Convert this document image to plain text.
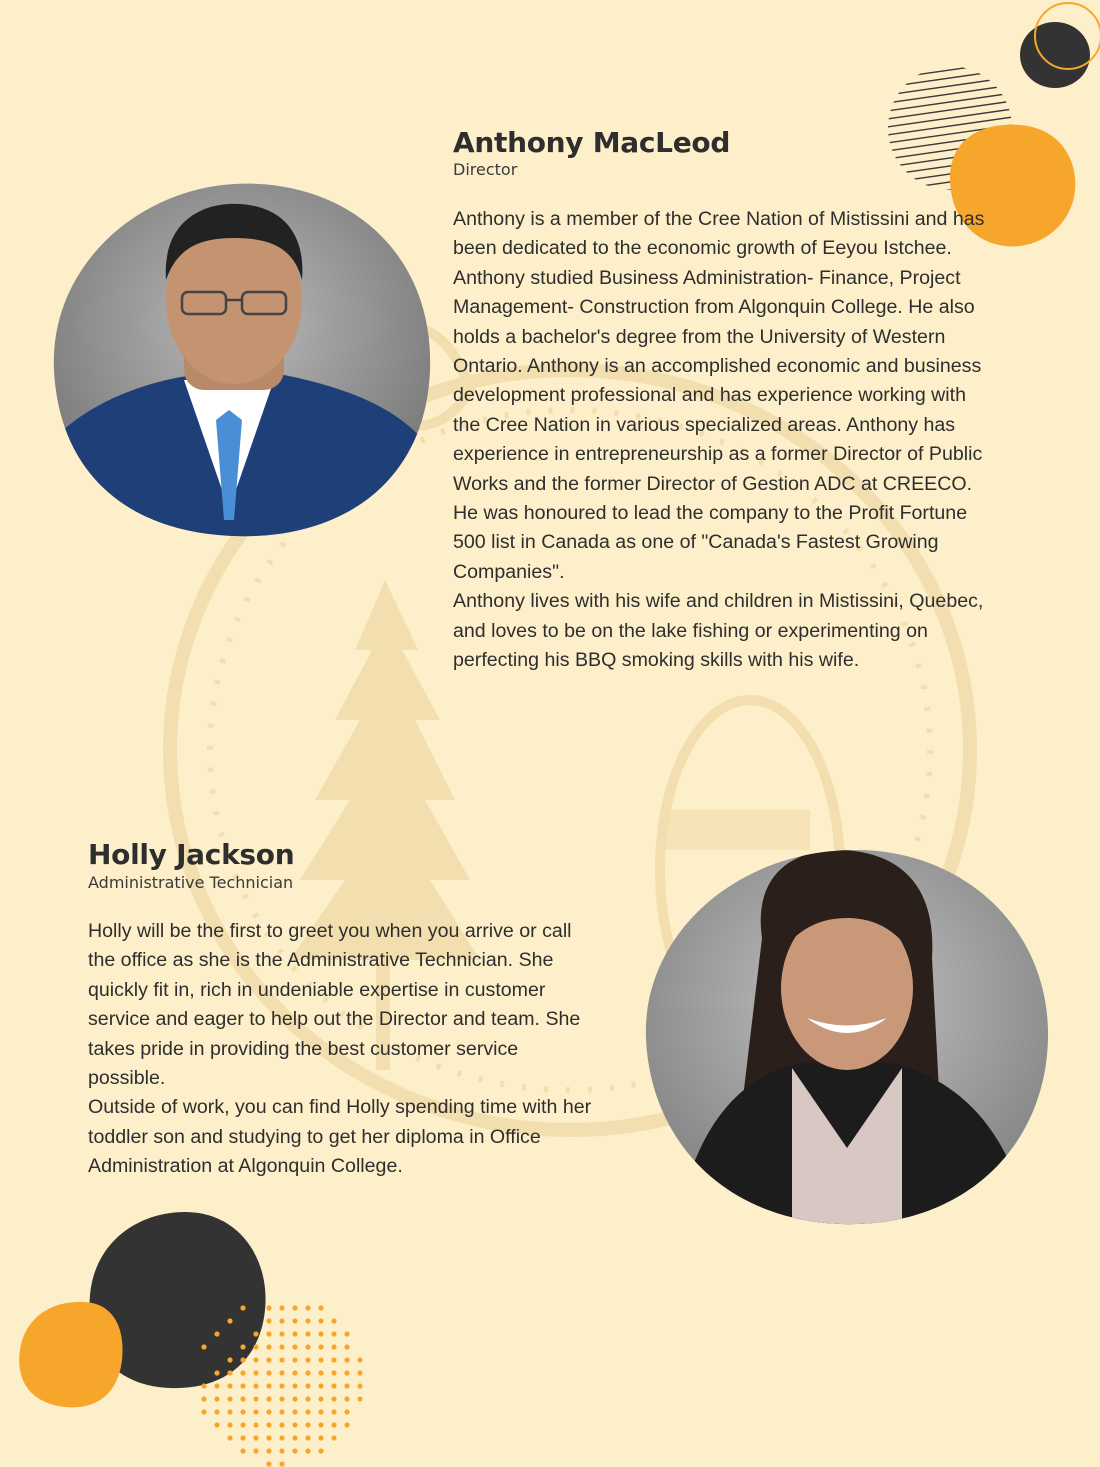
Anthony MacLeod
Director

Anthony is a member of the Cree Nation of Mistissini and has been dedicated to the economic growth of Eeyou Istchee. Anthony studied Business Administration- Finance, Project Management- Construction from Algonquin College. He also holds a bachelor's degree from the University of Western Ontario. Anthony is an accomplished economic and business development professional and has experience working with the Cree Nation in various specialized areas. Anthony has experience in entrepreneurship as a former Director of Public Works and the former Director of Gestion ADC at CREECO. He was honoured to lead the company to the Profit Fortune 500 list in Canada as one of "Canada's Fastest Growing Companies".

Anthony lives with his wife and children in Mistissini, Quebec, and loves to be on the lake fishing or experimenting on perfecting his BBQ smoking skills with his wife.

Holly Jackson
Administrative Technician

Holly will be the first to greet you when you arrive or call the office as she is the Administrative Technician. She quickly fit in, rich in undeniable expertise in customer service and eager to help out the Director and team. She takes pride in providing the best customer service possible.

Outside of work, you can find Holly spending time with her toddler son and studying to get her diploma in Office Administration at Algonquin College.
